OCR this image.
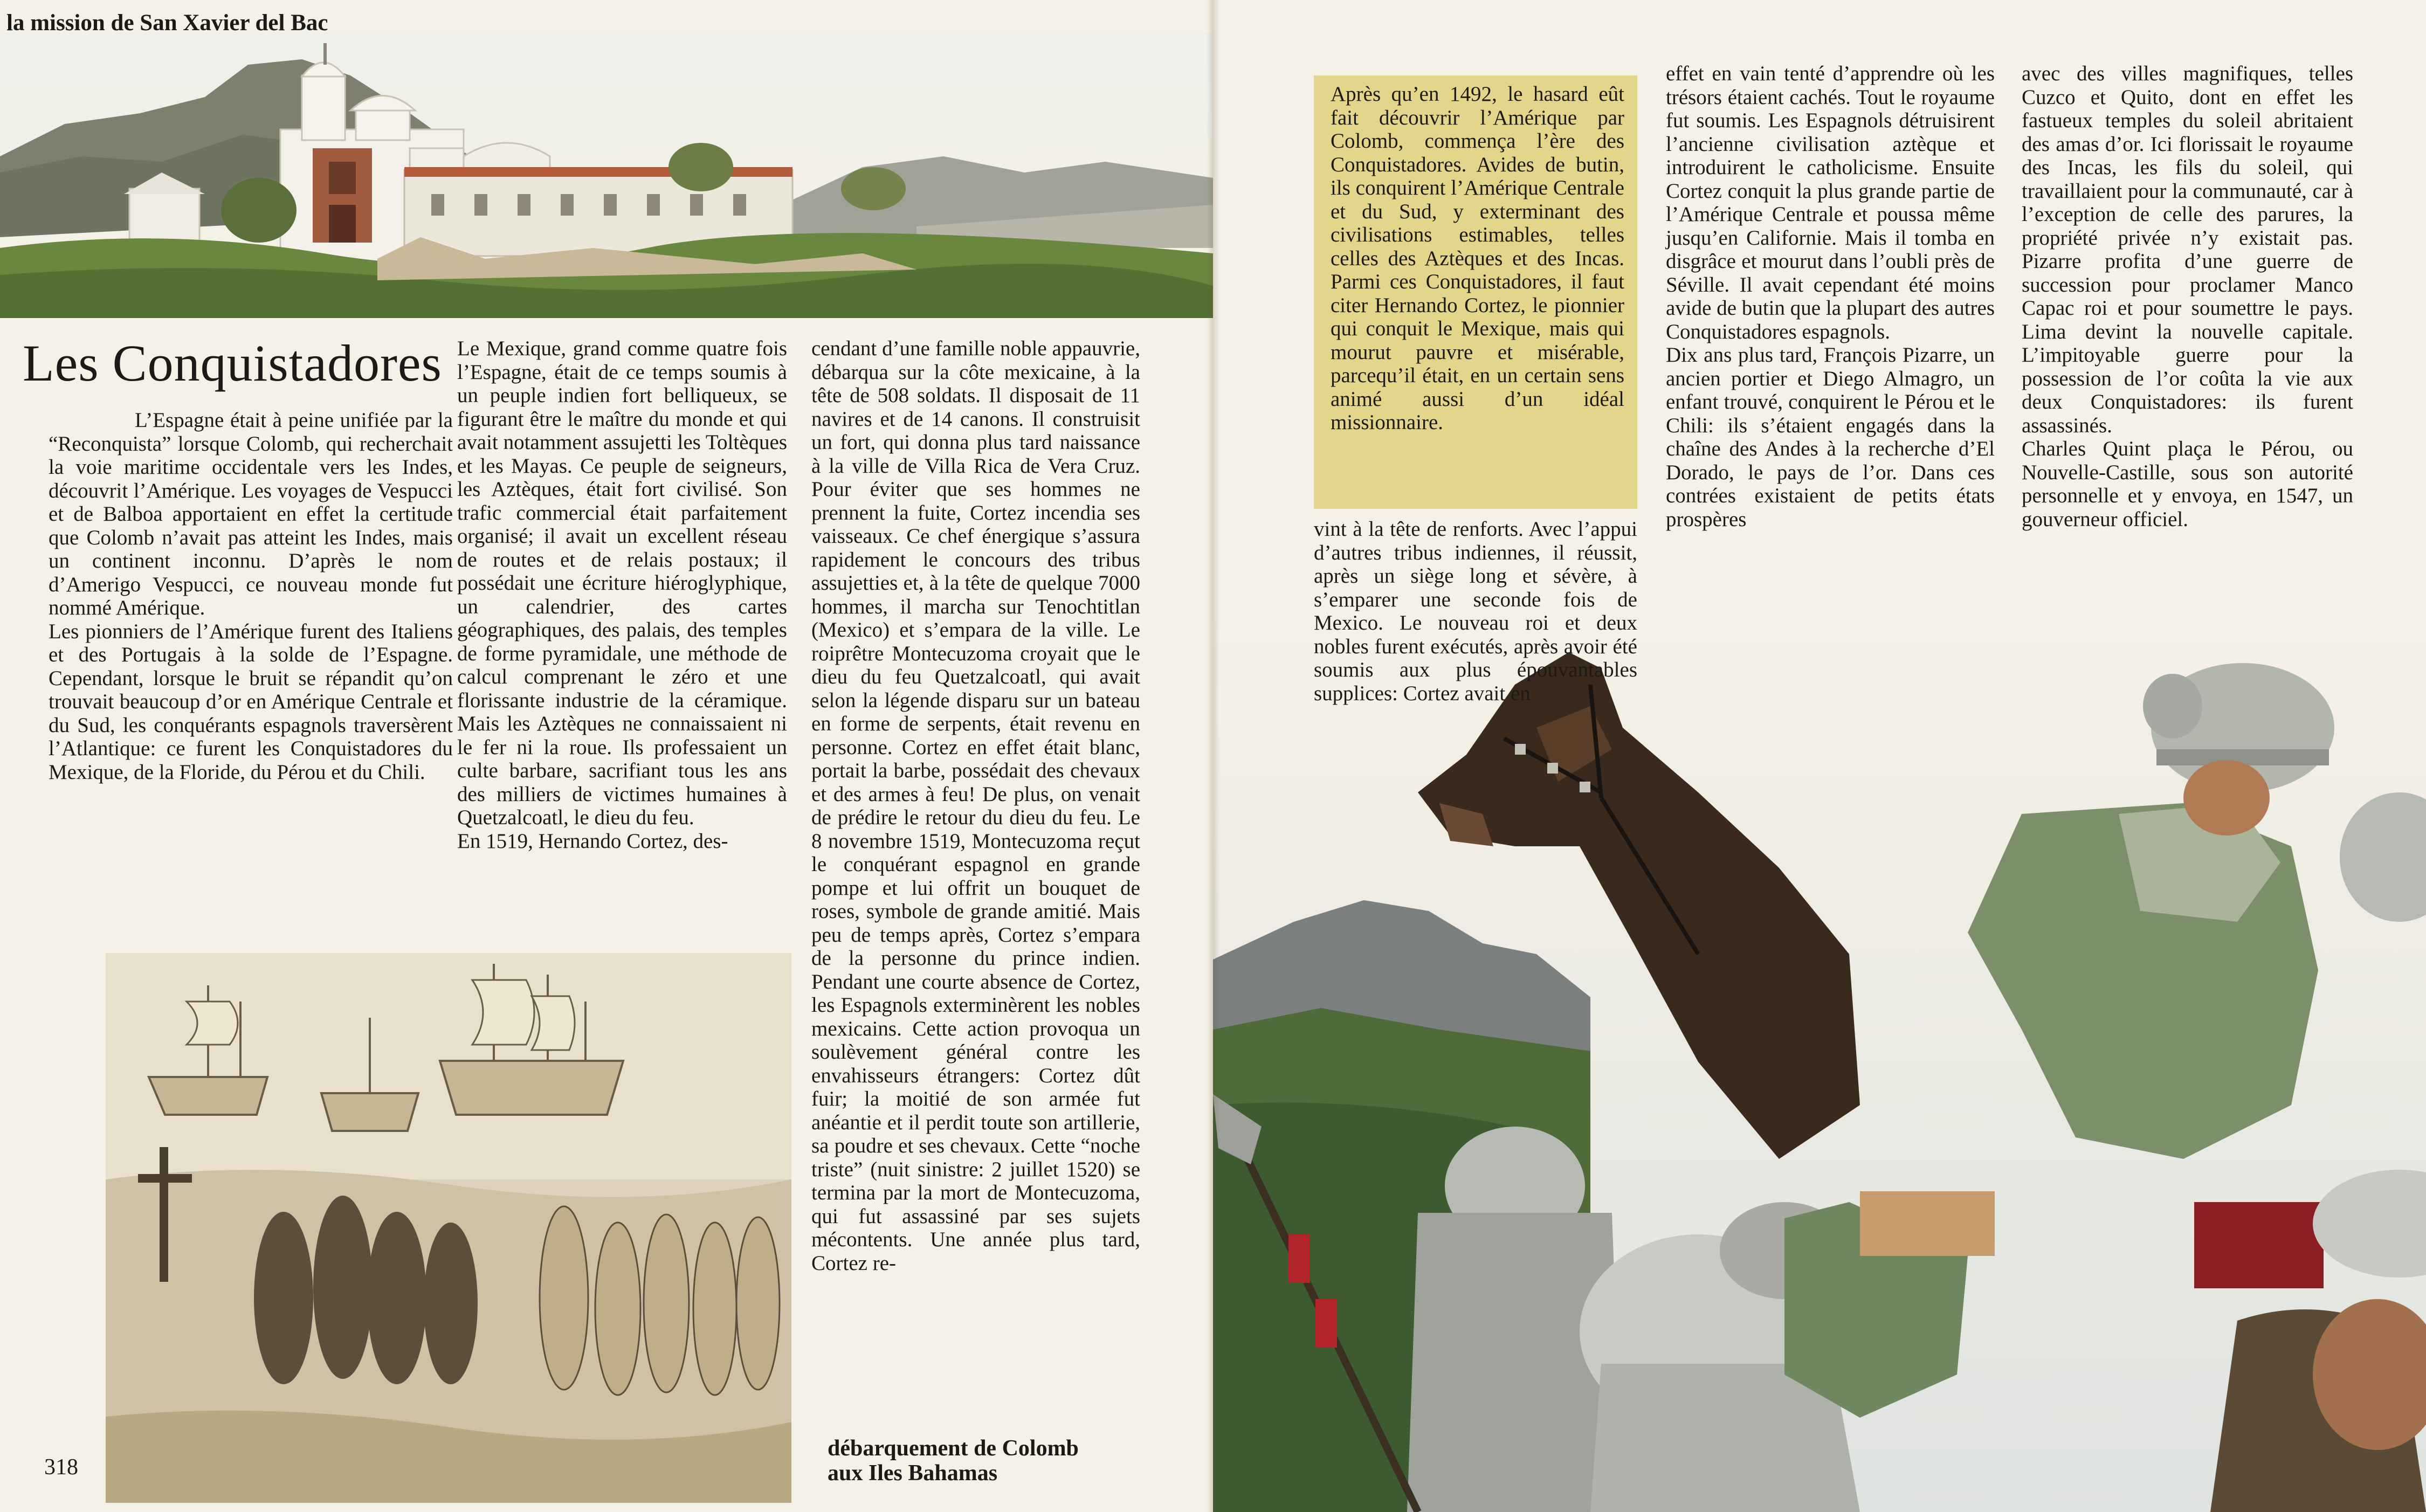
la mission de San Xavier del Bac
Les Conquistadores

L’Espagne était à peine unifiée par la “Reconquista” lorsque Colomb, qui recherchait la voie maritime occidentale vers les Indes, découvrit l’Amérique. Les voyages de Vespucci et de Balboa apportaient en effet la certitude que Colomb n’avait pas atteint les Indes, mais un continent inconnu. D’après le nom d’Amerigo Vespucci, ce nouveau monde fut nommé Amérique.

Les pionniers de l’Amérique furent des Italiens et des Portugais à la solde de l’Espagne. Cependant, lorsque le bruit se répandit qu’on trouvait beaucoup d’or en Amérique Centrale et du Sud, les conquérants espagnols traversèrent l’Atlantique: ce furent les Conquistadores du Mexique, de la Floride, du Pérou et du Chili.

Le Mexique, grand comme quatre fois l’Espagne, était de ce temps soumis à un peuple indien fort belliqueux, se figurant être le maître du monde et qui avait notamment assujetti les Toltèques et les Mayas. Ce peuple de seigneurs, les Aztèques, était fort civilisé. Son trafic commercial était parfaitement organisé; il avait un excellent réseau de routes et de relais postaux; il possédait une écriture hiéroglyphique, un calendrier, des cartes géographiques, des palais, des temples de forme pyramidale, une méthode de calcul comprenant le zéro et une florissante industrie de la céramique. Mais les Aztèques ne connaissaient ni le fer ni la roue. Ils professaient un culte barbare, sacrifiant tous les ans des milliers de victimes humaines à Quetzalcoatl, le dieu du feu.

En 1519, Hernando Cortez, des-

cendant d’une famille noble appauvrie, débarqua sur la côte mexicaine, à la tête de 508 soldats. Il disposait de 11 navires et de 14 canons. Il construisit un fort, qui donna plus tard naissance à la ville de Villa Rica de Vera Cruz. Pour éviter que ses hommes ne prennent la fuite, Cortez incendia ses vaisseaux. Ce chef énergique s’assura rapidement le concours des tribus assujetties et, à la tête de quelque 7000 hommes, il marcha sur Tenochtitlan (Mexico) et s’empara de la ville. Le roiprêtre Montecuzoma croyait que le dieu du feu Quetzalcoatl, qui avait selon la légende disparu sur un bateau en forme de serpents, était revenu en personne. Cortez en effet était blanc, portait la barbe, possédait des chevaux et des armes à feu! De plus, on venait de prédire le retour du dieu du feu. Le 8 novembre 1519, Montecuzoma reçut le conquérant espagnol en grande pompe et lui offrit un bouquet de roses, symbole de grande amitié. Mais peu de temps après, Cortez s’empara de la personne du prince indien. Pendant une courte absence de Cortez, les Espagnols exterminèrent les nobles mexicains. Cette action provoqua un soulèvement général contre les envahisseurs étrangers: Cortez dût fuir; la moitié de son armée fut anéantie et il perdit toute son artillerie, sa poudre et ses chevaux. Cette “noche triste” (nuit sinistre: 2 juillet 1520) se termina par la mort de Montecuzoma, qui fut assassiné par ses sujets mécontents. Une année plus tard, Cortez re-

débarquement de Colomb
aux Iles Bahamas
318
Après qu’en 1492, le hasard eût fait découvrir l’Amérique par Colomb, commença l’ère des Conquistadores. Avides de butin, ils conquirent l’Amérique Centrale et du Sud, y exterminant des civilisations estimables, telles celles des Aztèques et des Incas. Parmi ces Conquistadores, il faut citer Hernando Cortez, le pionnier qui conquit le Mexique, mais qui mourut pauvre et misérable, parcequ’il était, en un certain sens animé aussi d’un idéal missionnaire.

vint à la tête de renforts. Avec l’appui d’autres tribus indiennes, il réussit, après un siège long et sévère, à s’emparer une seconde fois de Mexico. Le nouveau roi et deux nobles furent exécutés, après avoir été soumis aux plus épouvantables supplices: Cortez avait en

effet en vain tenté d’apprendre où les trésors étaient cachés. Tout le royaume fut soumis. Les Espagnols détruisirent l’ancienne civilisation aztèque et introduirent le catholicisme. Ensuite Cortez conquit la plus grande partie de l’Amérique Centrale et poussa même jusqu’en Californie. Mais il tomba en disgrâce et mourut dans l’oubli près de Séville. Il avait cependant été moins avide de butin que la plupart des autres Conquistadores espagnols.

Dix ans plus tard, François Pizarre, un ancien portier et Diego Almagro, un enfant trouvé, conquirent le Pérou et le Chili: ils s’étaient engagés dans la chaîne des Andes à la recherche d’El Dorado, le pays de l’or. Dans ces contrées existaient de petits états prospères

avec des villes magnifiques, telles Cuzco et Quito, dont en effet les fastueux temples du soleil abritaient des amas d’or. Ici florissait le royaume des Incas, les fils du soleil, qui travaillaient pour la communauté, car à l’exception de celle des parures, la propriété privée n’y existait pas. Pizarre profita d’une guerre de succession pour proclamer Manco Capac roi et pour soumettre le pays. Lima devint la nouvelle capitale. L’impitoyable guerre pour la possession de l’or coûta la vie aux deux Conquistadores: ils furent assassinés.

Charles Quint plaça le Pérou, ou Nouvelle-Castille, sous son autorité personnelle et y envoya, en 1547, un gouverneur officiel.
